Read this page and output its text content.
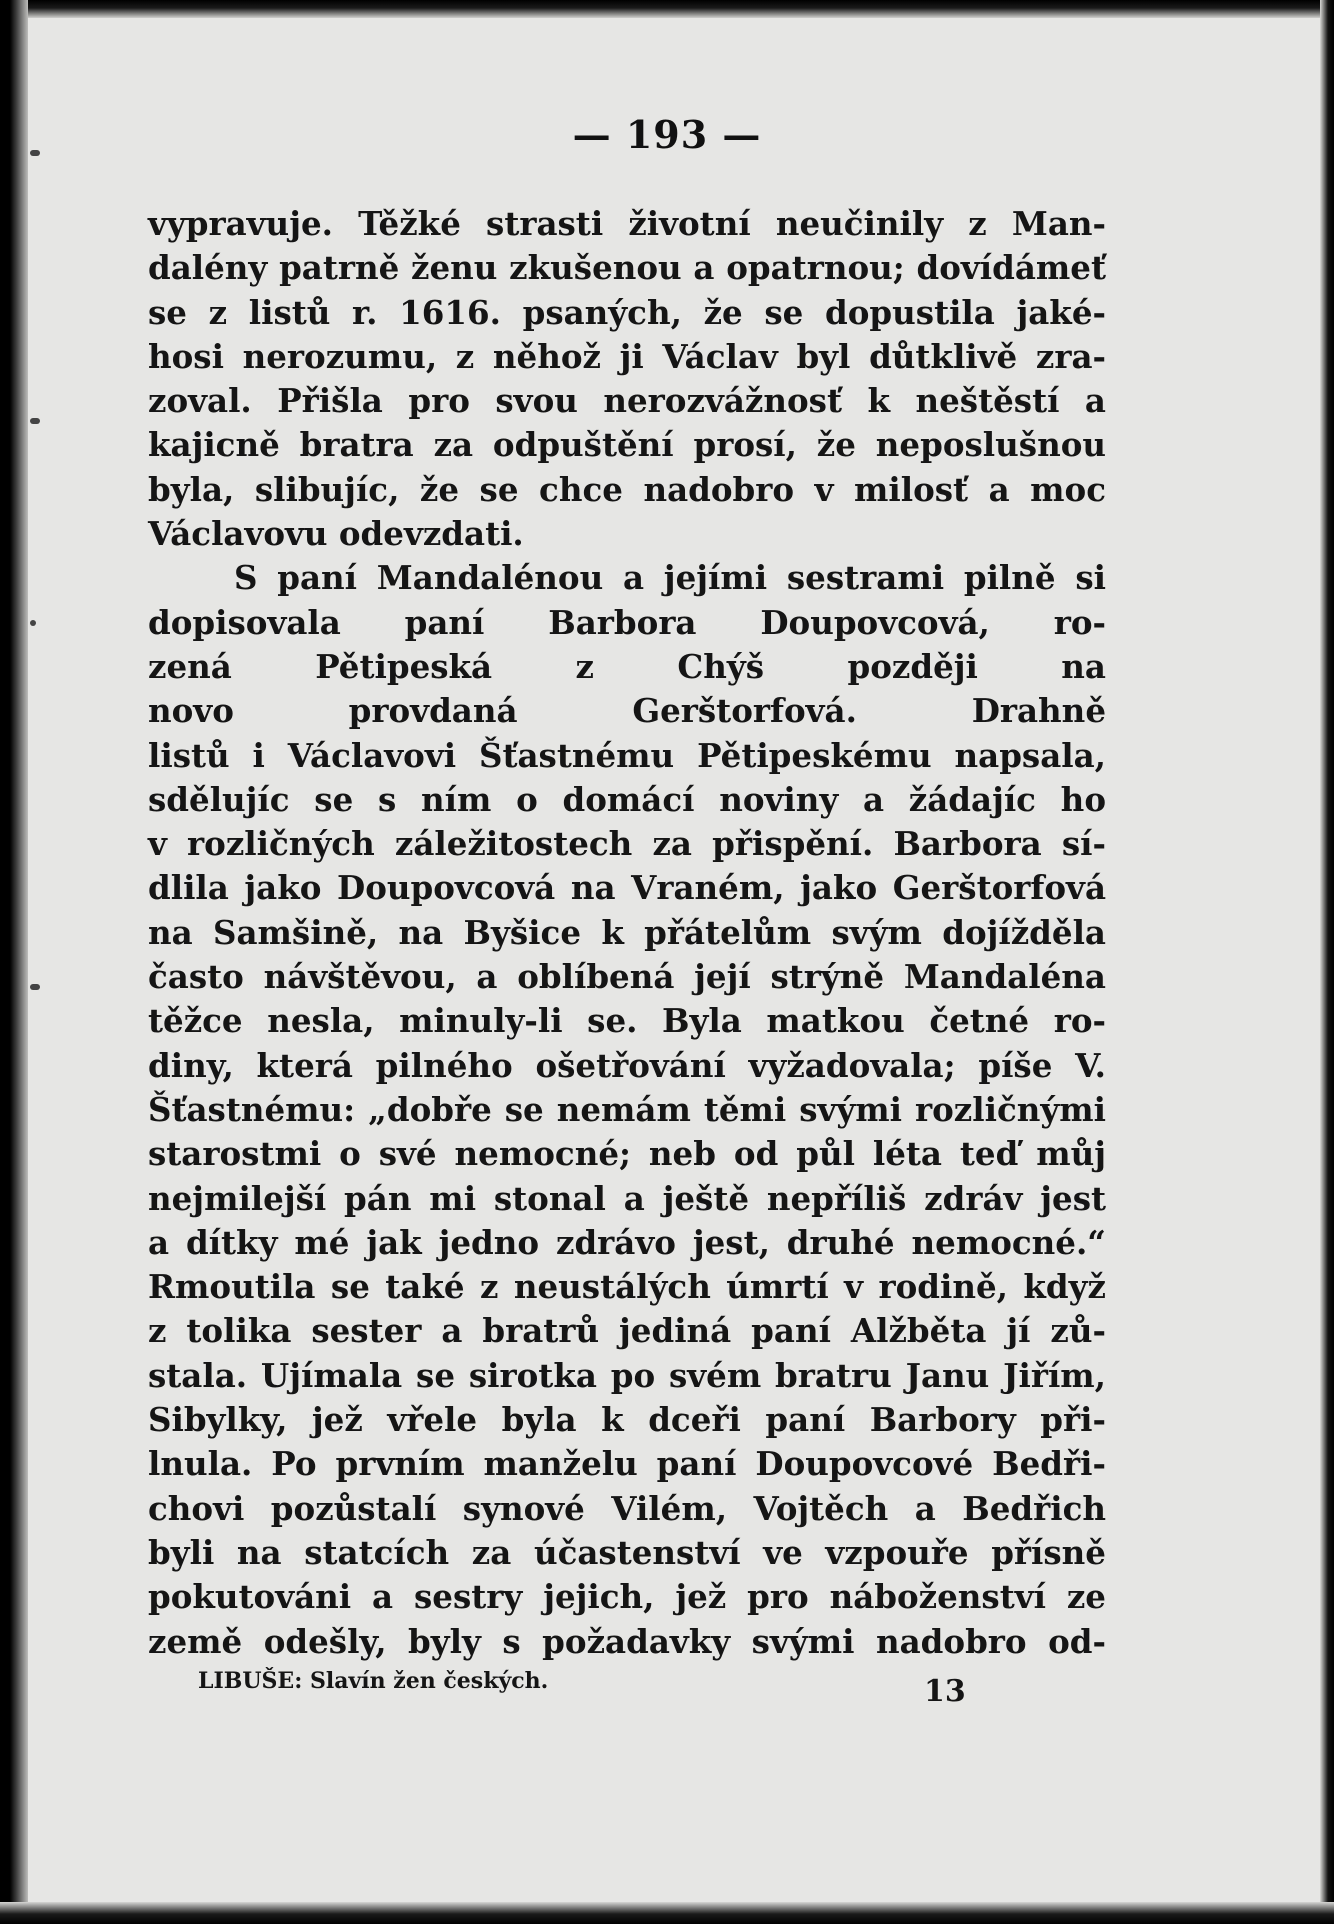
— 193 —
vypravuje. Těžké strasti životní neučinily z Man-
dalény patrně ženu zkušenou a opatrnou; dovídámeť
se z listů r. 1616. psaných, že se dopustila jaké-
hosi nerozumu, z něhož ji Václav byl důtklivě zra-
zoval. Přišla pro svou nerozvážnosť k neštěstí a
kajicně bratra za odpuštění prosí, že neposlušnou
byla, slibujíc, že se chce nadobro v milosť a moc
Václavovu odevzdati.
S paní Mandalénou a jejími sestrami pilně si
dopisovala paní Barbora Doupovcová, ro-
zená Pětipeská z Chýš později na
novo provdaná Gerštorfová. Drahně
listů i Václavovi Šťastnému Pětipeskému napsala,
sdělujíc se s ním o domácí noviny a žádajíc ho
v rozličných záležitostech za přispění. Barbora sí-
dlila jako Doupovcová na Vraném, jako Gerštorfová
na Samšině, na Byšice k přátelům svým dojížděla
často návštěvou, a oblíbená její strýně Mandaléna
těžce nesla, minuly-li se. Byla matkou četné ro-
diny, která pilného ošetřování vyžadovala; píše V.
Šťastnému: „dobře se nemám těmi svými rozličnými
starostmi o své nemocné; neb od půl léta teď můj
nejmilejší pán mi stonal a ještě nepříliš zdráv jest
a dítky mé jak jedno zdrávo jest, druhé nemocné.“
Rmoutila se také z neustálých úmrtí v rodině, když
z tolika sester a bratrů jediná paní Alžběta jí zů-
stala. Ujímala se sirotka po svém bratru Janu Jiřím,
Sibylky, jež vřele byla k dceři paní Barbory při-
lnula. Po prvním manželu paní Doupovcové Bedři-
chovi pozůstalí synové Vilém, Vojtěch a Bedřich
byli na statcích za účastenství ve vzpouře přísně
pokutováni a sestry jejich, jež pro náboženství ze
země odešly, byly s požadavky svými nadobro od-
LIBUŠE: Slavín žen českých.	13
